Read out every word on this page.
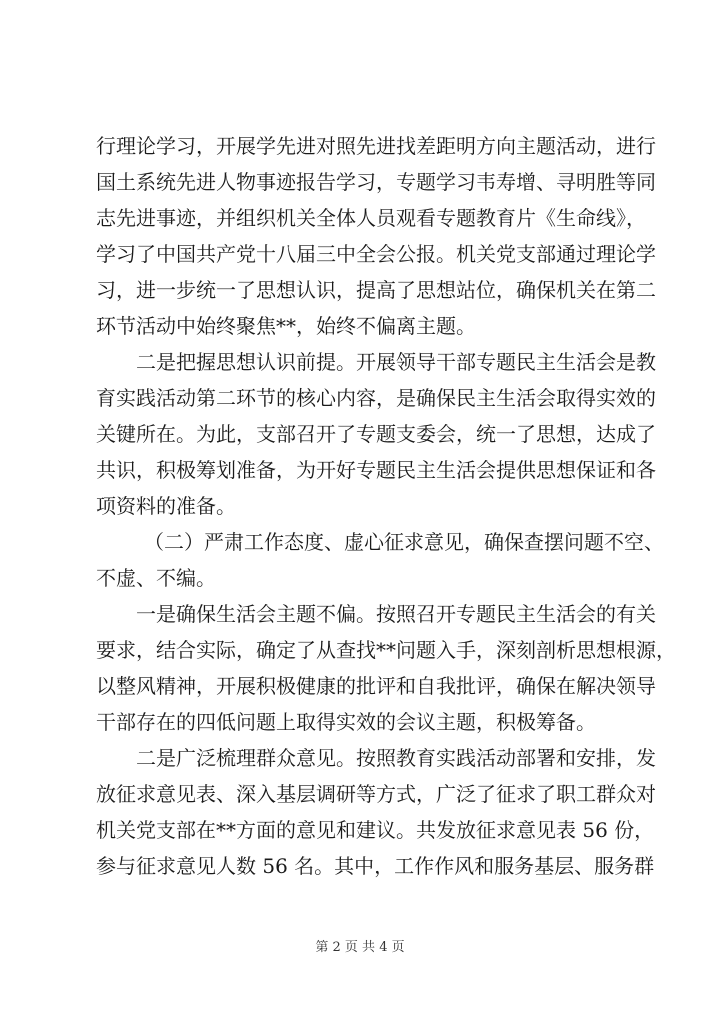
行理论学习，开展学先进对照先进找差距明方向主题活动，进行
国土系统先进人物事迹报告学习，专题学习韦寿增、寻明胜等同
志先进事迹，并组织机关全体人员观看专题教育片《生命线》，
学习了中国共产党十八届三中全会公报。机关党支部通过理论学
习，进一步统一了思想认识，提高了思想站位，确保机关在第二
环节活动中始终聚焦**，始终不偏离主题。
二是把握思想认识前提。开展领导干部专题民主生活会是教
育实践活动第二环节的核心内容，是确保民主生活会取得实效的
关键所在。为此，支部召开了专题支委会，统一了思想，达成了
共识，积极筹划准备，为开好专题民主生活会提供思想保证和各
项资料的准备。
（二）严肃工作态度、虚心征求意见，确保查摆问题不空、
不虚、不编。
一是确保生活会主题不偏。按照召开专题民主生活会的有关
要求，结合实际，确定了从查找**问题入手，深刻剖析思想根源，
以整风精神，开展积极健康的批评和自我批评，确保在解决领导
干部存在的四低问题上取得实效的会议主题，积极筹备。
二是广泛梳理群众意见。按照教育实践活动部署和安排，发
放征求意见表、深入基层调研等方式，广泛了征求了职工群众对
机关党支部在**方面的意见和建议。共发放征求意见表 56 份，
参与征求意见人数 56 名。其中，工作作风和服务基层、服务群
第 2 页 共 4 页
